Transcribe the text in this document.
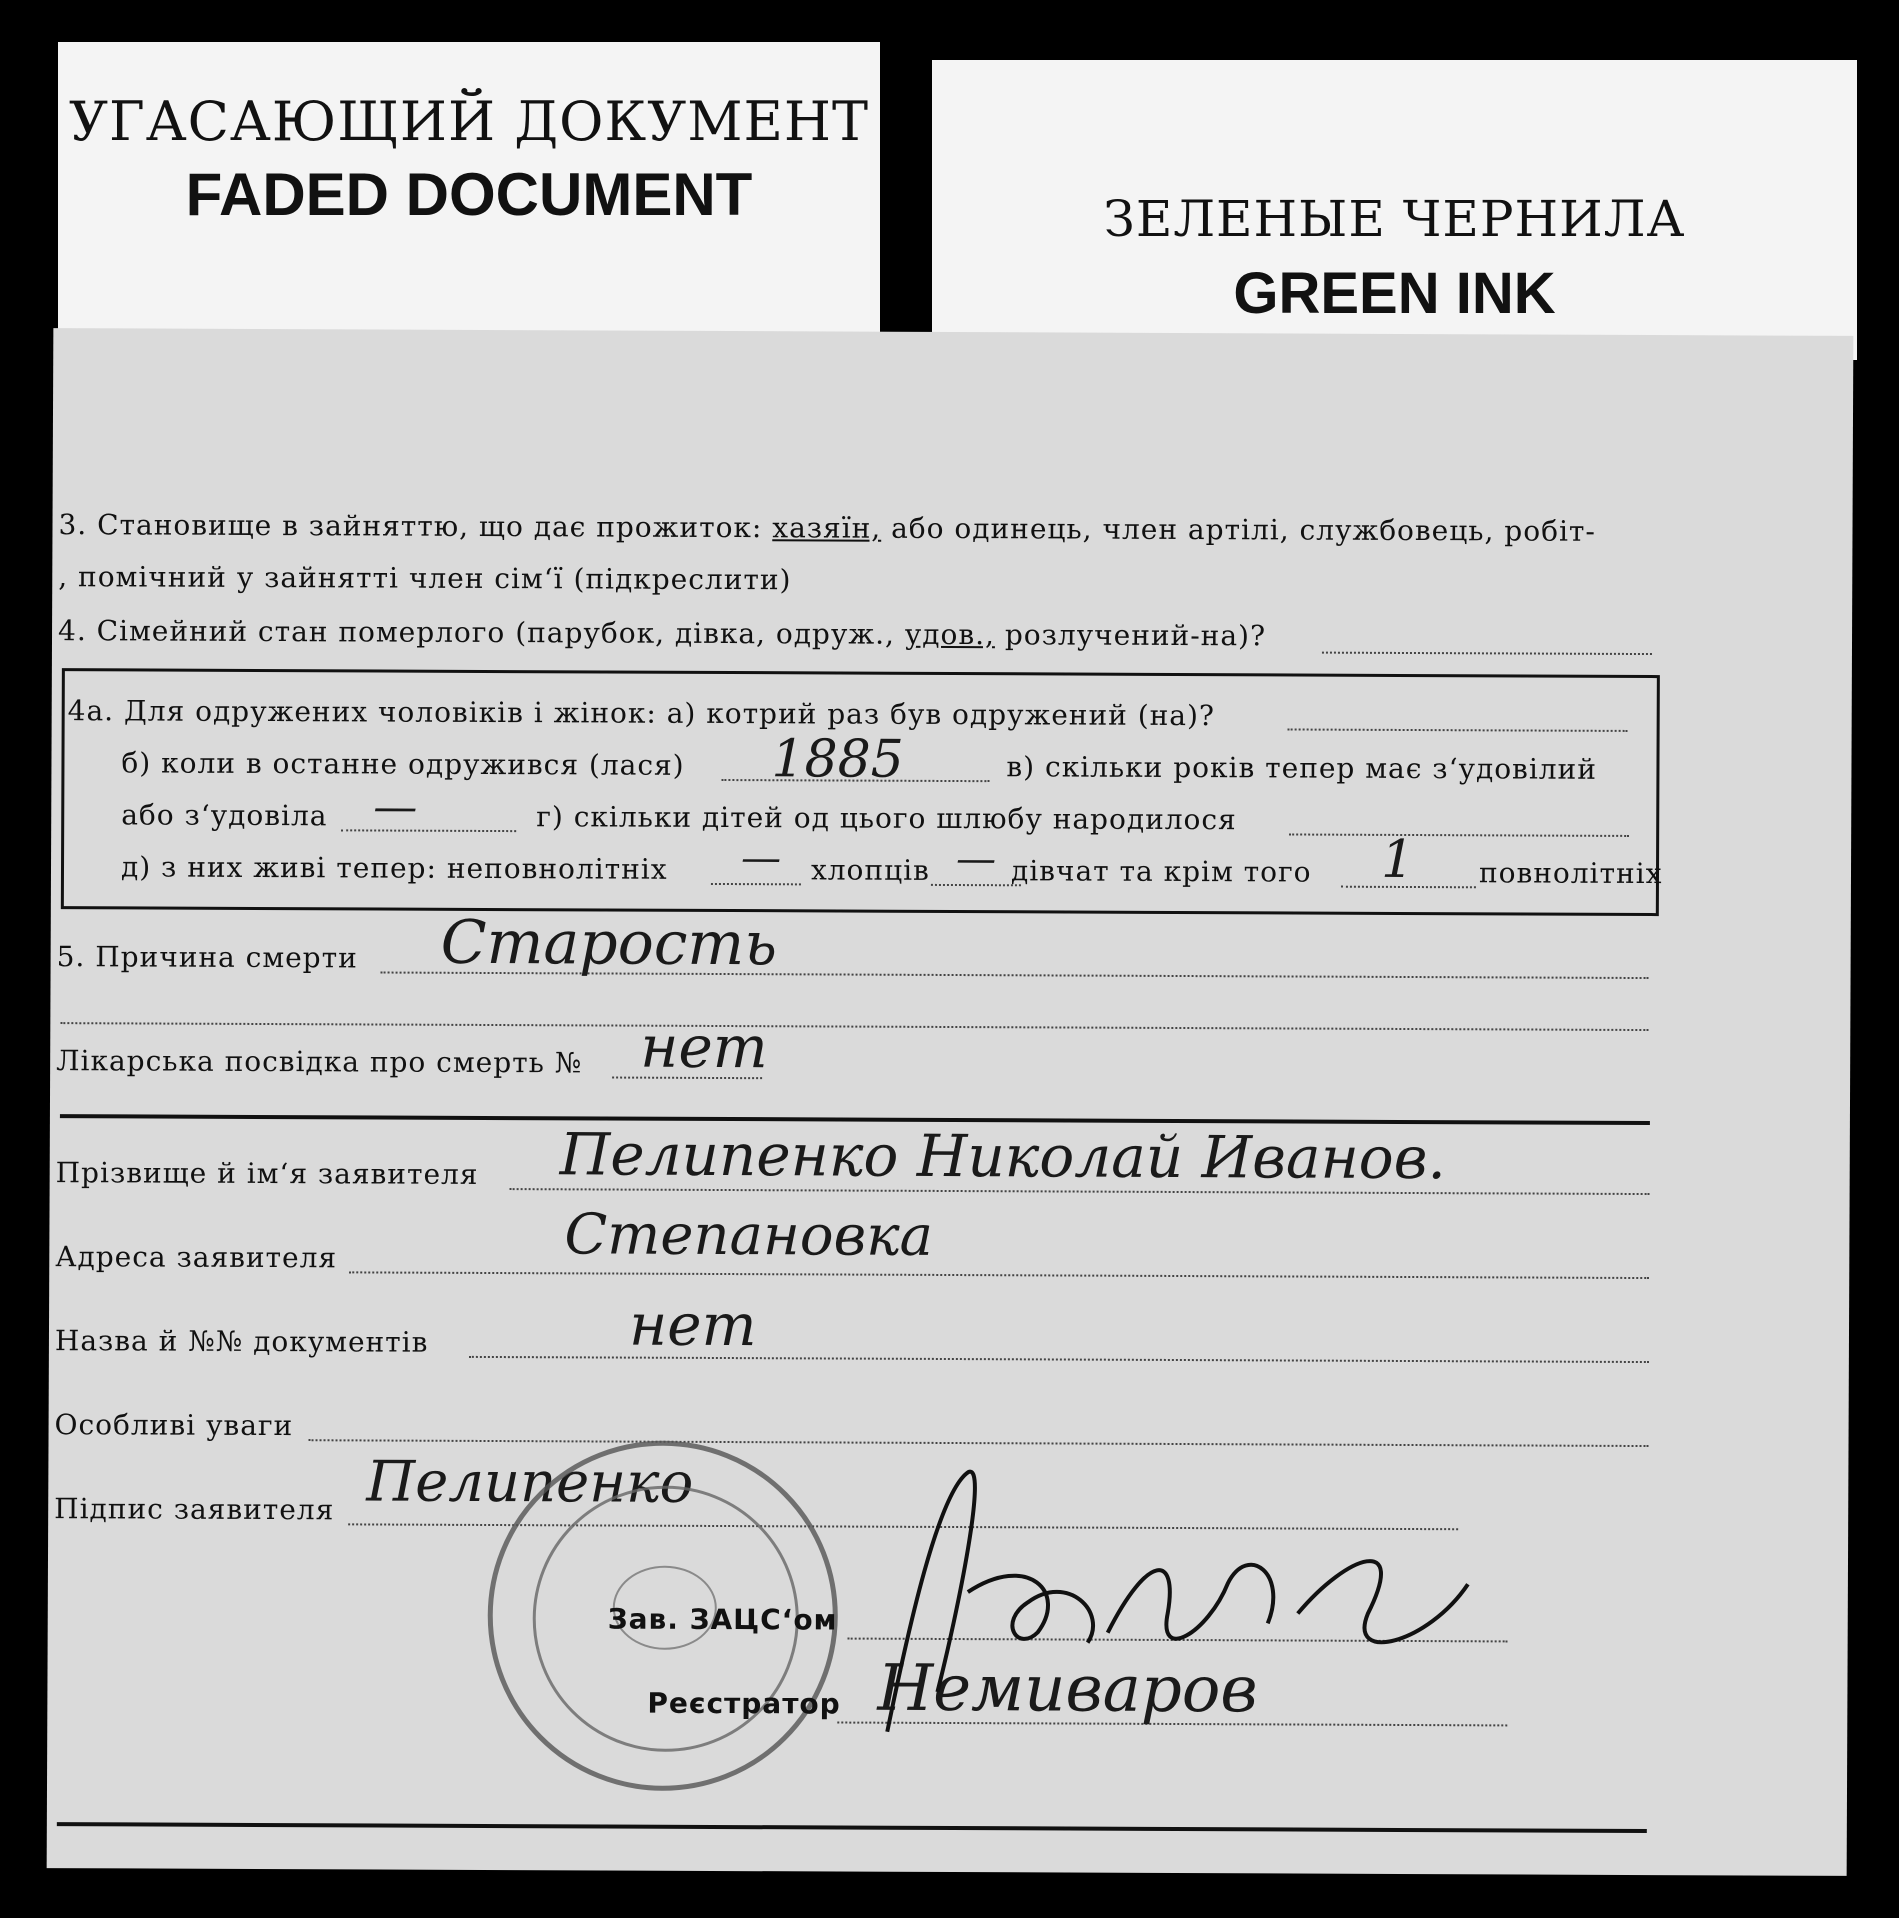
УГАСАЮЩИЙ ДОКУМЕНТ
FADED DOCUMENT	ЗЕЛЕНЫЕ ЧЕРНИЛА
GREEN INK
3. Становище в зайняттю, що дає прожиток: хазяїн, або одинець, член артілі, службовець, робіт-
, помічний у зайнятті член сім‘ї (підкреслити)
4. Сімейний стан померлого (парубок, дівка, одруж., удов., розлучений-на)?
4а. Для одружених чоловіків і жінок: а) котрий раз був одружений (на)?
б) коли в останне одружився (лася) 1885	в) скільки років тепер має з‘удовілий
або з‘удовіла —	г) скільки дітей од цього шлюбу народилося
д) з них живі тепер: неповнолітніх — хлопців — дівчат та крім того 1 повнолітніх
5. Причина смерти Старость
Лікарська посвідка про смерть № нет
Прізвище й ім‘я заявителя Пелипенко Николай Иванов.
Адреса заявителя	Степановка
Назва й №№ документів	нет
Особливі уваги
Підпис заявителя Пелипенко
Зав. ЗАЦС‘ом
Реєстратор Немиваров
